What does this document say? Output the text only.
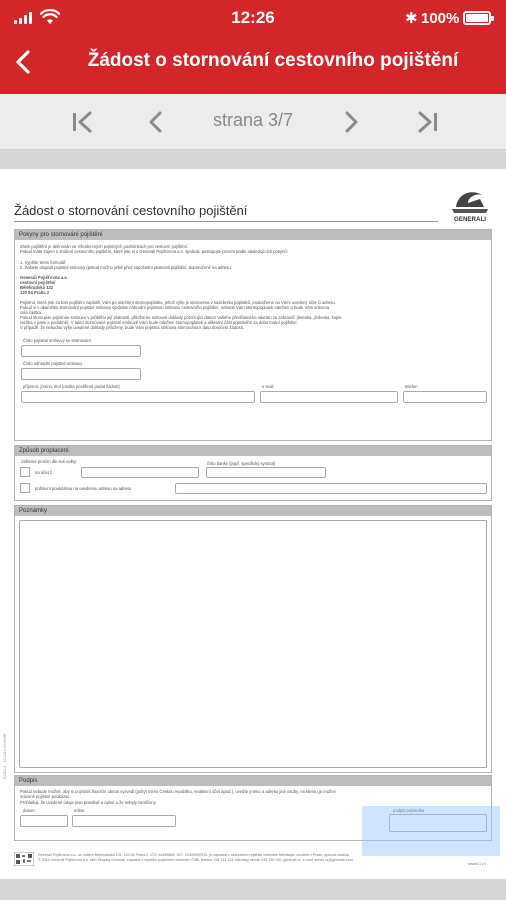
12:26	✱ 100%
Žádost o stornování cestovního pojištění
strana 3/7
Žádost o stornování cestovního pojištění
GENERALI
Pokyny pro stornování pojištění
Zánik pojištění je definován ve Všeobecných pojistných podmínkách pro cestovní pojištění.
Pokud máte zájem o zrušení cestovního pojištění, které jste si u Generali Pojišťovna a.s. sjednali, postupujte prosím podle následujících pokynů:
1. Vyplňte tento formulář
2. Zašlete originál pojistné smlouvy (pokud možno ještě před započetím platnosti pojištění, doporučeně na adresu:
Generali Pojišťovna a.s.
cestovní pojištění
Bělehradská 132
120 84 Praha 2
Pojistná, která jste za toto pojištění zaplatili, Vám po odečtení stornopoplatku, jehož výše je stanovena v sazebníku poplatků, poukážeme na Vámi uvedený účet či adresu.
Pokud si v okamžiku stornování pojistné smlouvy sjednáte náhradní pojistnou smlouvu cestovního pojištění, nebude Vám stornopoplatek odečten a bude Vám vrácena
celá částka.
Pokud stornujete pojistnou smlouvu v průběhu její platnosti, přiložte ke smlouvě doklady potvrzující datum Vašeho předčasného návratu ze zahraničí (letenka, jízdenka, kopie
razítka v pase a podobně). V takto stornované pojistné smlouvě Vám bude odečten stornopoplatek a alikvotní část pojistného za dobu trvání pojištění.
V případě, že nebudou výše uvedené doklady přiloženy, bude Vám pojistná smlouva stornována k datu doručení žádosti.
Číslo pojistné smlouvy ke stornování
Číslo náhradní pojistné smlouvy
příjmení, jméno, titul (osoba pověřená podat žádost)	e-mail	telefon
Způsob proplacení
zašleme prosím dle své volby:	číslo banky (popř. specifický symbol)
na účet č.
poštovní poukázkou na uvedenou adresu na adresu
Poznámky
Podpis
Pokud nebude možné, aby si pojistník finanční obnos vyzvedl (pobyt mimo Českou republiku, neaktivní účet apod.), uveďte jméno a adresu jiné osoby, na kterou je možné
vrácené pojistné poukázat.
Prohlašuji, že uvedené údaje jsou pravdivé a úplné a že nebyly zamlčeny.
datum	místo	podpis pojistníka
B2101.2 - 10.2015 40.00 BR
Generali Pojišťovna a.s., se sídlem Bělehradská 132, 120 84 Praha 2, IČO: 61859869, DIČ: CZ699000761, je zapsaná v obchodním rejstříku vedeném Městským soudem v Praze, spisová značka
© 2015 Generali Pojišťovna a.s. člen Skupiny Generali, zapsané v rejstříku pojišťoven vedeném ČNB, telefon: 241 114 114, klientský servis: 244 190 190, generali.cz, e-mail: servis.cz@generali.com
strana 1 z 1
